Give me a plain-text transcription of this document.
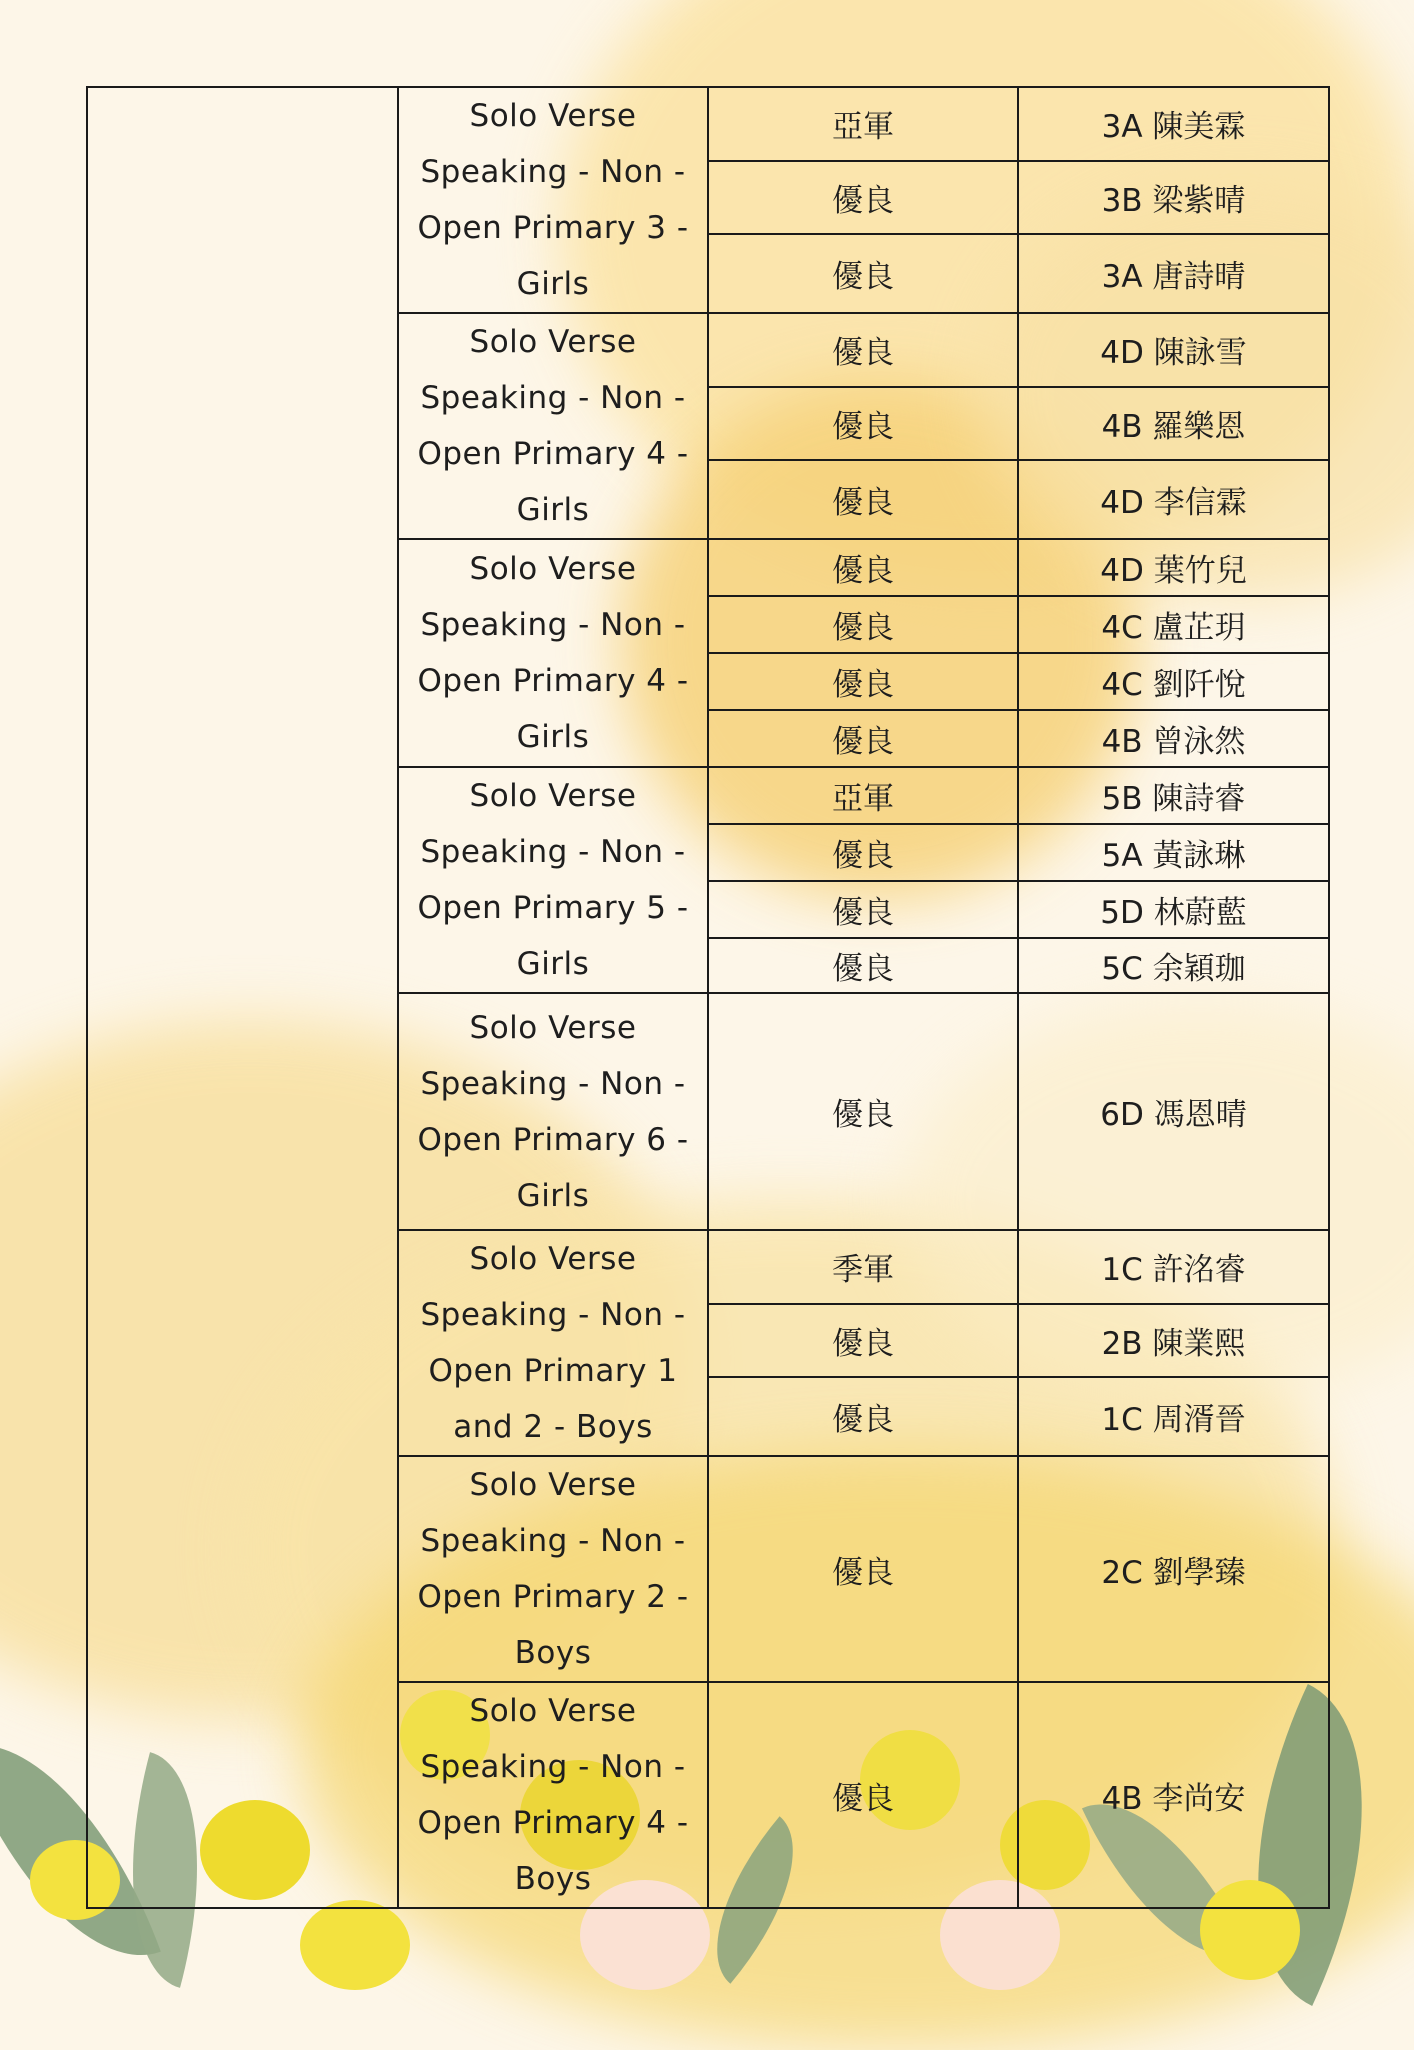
	Solo Verse
Speaking - Non -
Open Primary 3 -
Girls	亞軍	3A 陳美霖
		優良	3B 梁紫晴
		優良	3A 唐詩晴

	Solo Verse
Speaking - Non -
Open Primary 4 -
Girls	優良	4D 陳詠雪
		優良	4B 羅樂恩
		優良	4D 李信霖

	Solo Verse
Speaking - Non -
Open Primary 4 -
Girls	優良	4D 葉竹兒
		優良	4C 盧芷玥
		優良	4C 劉阡悅
		優良	4B 曾泳然

	Solo Verse
Speaking - Non -
Open Primary 5 -
Girls	亞軍	5B 陳詩睿
		優良	5A 黃詠琳
		優良	5D 林蔚藍
		優良	5C 余穎珈

	Solo Verse
Speaking - Non -
Open Primary 6 -
Girls	優良	6D 馮恩晴

	Solo Verse
Speaking - Non -
Open Primary 1
and 2 - Boys	季軍	1C 許洺睿
		優良	2B 陳業熙
		優良	1C 周湑晉

	Solo Verse
Speaking - Non -
Open Primary 2 -
Boys	優良	2C 劉學臻

	Solo Verse
Speaking - Non -
Open Primary 4 -
Boys	優良	4B 李尚安
